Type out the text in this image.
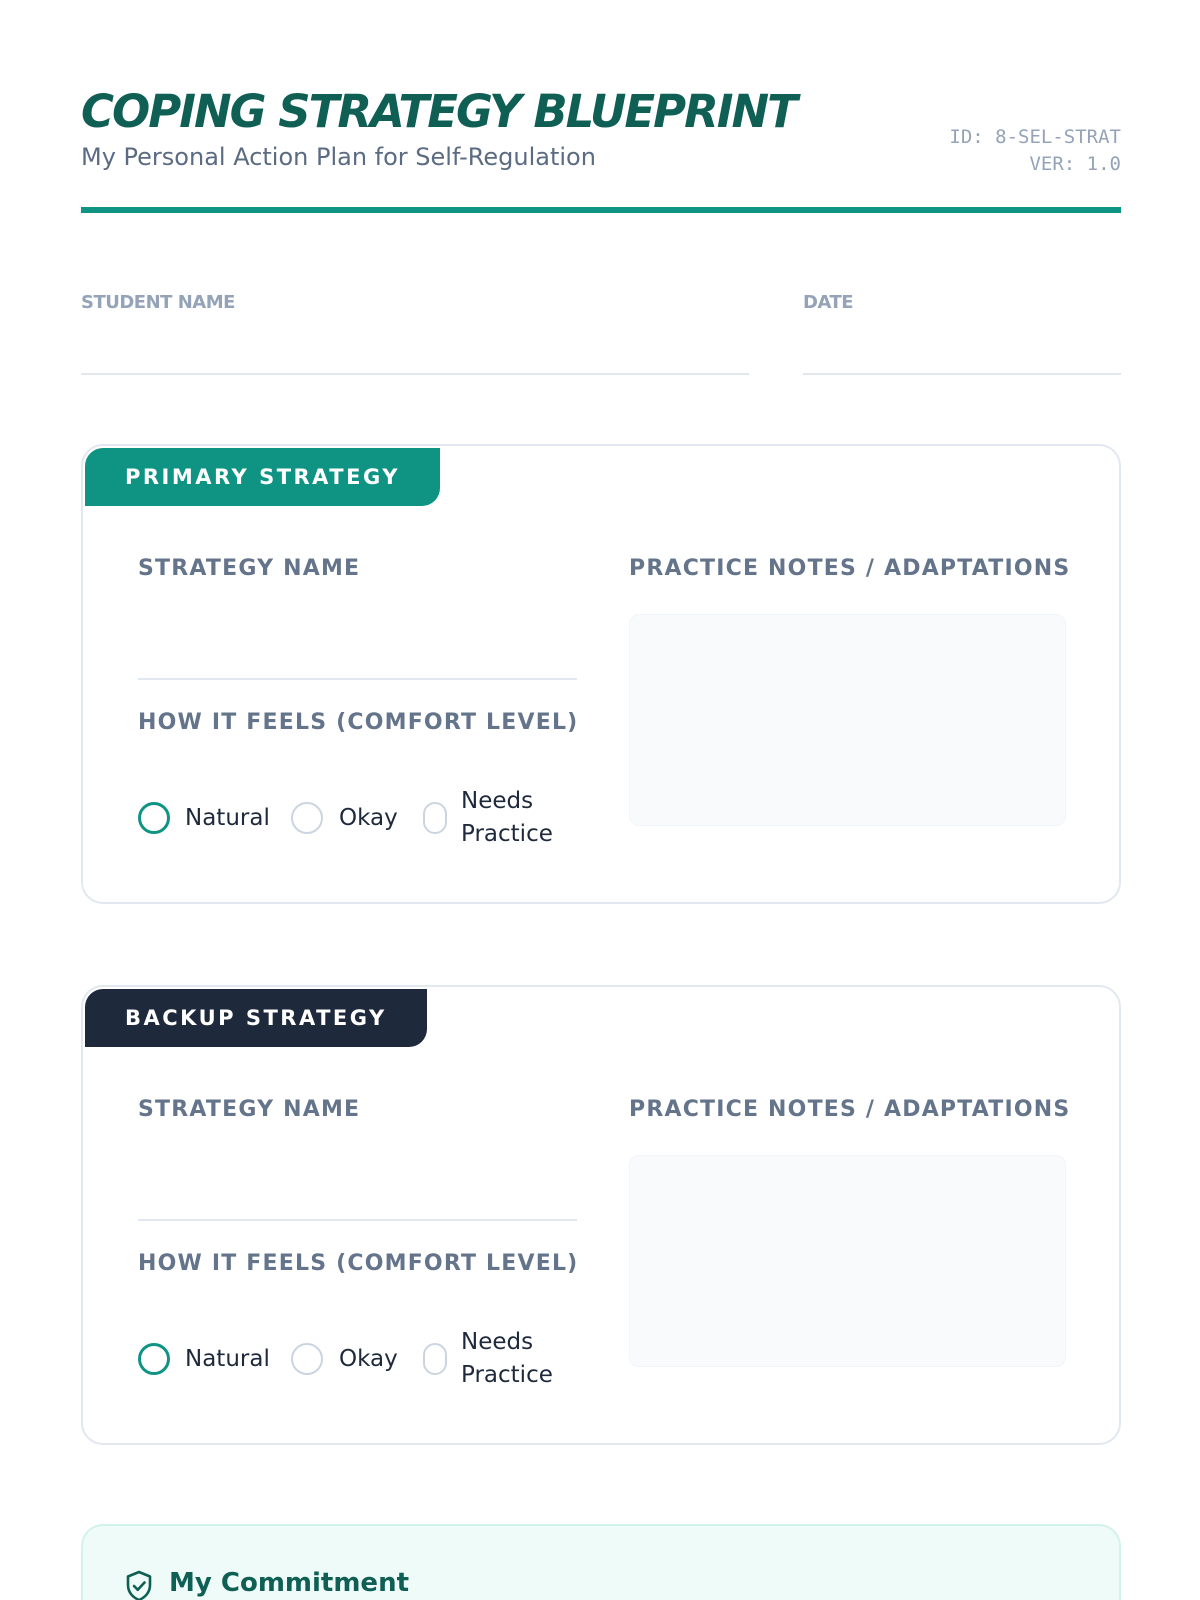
COPING STRATEGY BLUEPRINT
My Personal Action Plan for Self-Regulation
ID: 8-SEL-STRAT
VER: 1.0
STUDENT NAME	DATE
PRIMARY STRATEGY
STRATEGY NAME	PRACTICE NOTES / ADAPTATIONS
HOW IT FEELS (COMFORT LEVEL)
Natural	Okay
Needs
Practice
BACKUP STRATEGY
STRATEGY NAME	PRACTICE NOTES / ADAPTATIONS
HOW IT FEELS (COMFORT LEVEL)
Natural	Okay
Needs
Practice
My Commitment
